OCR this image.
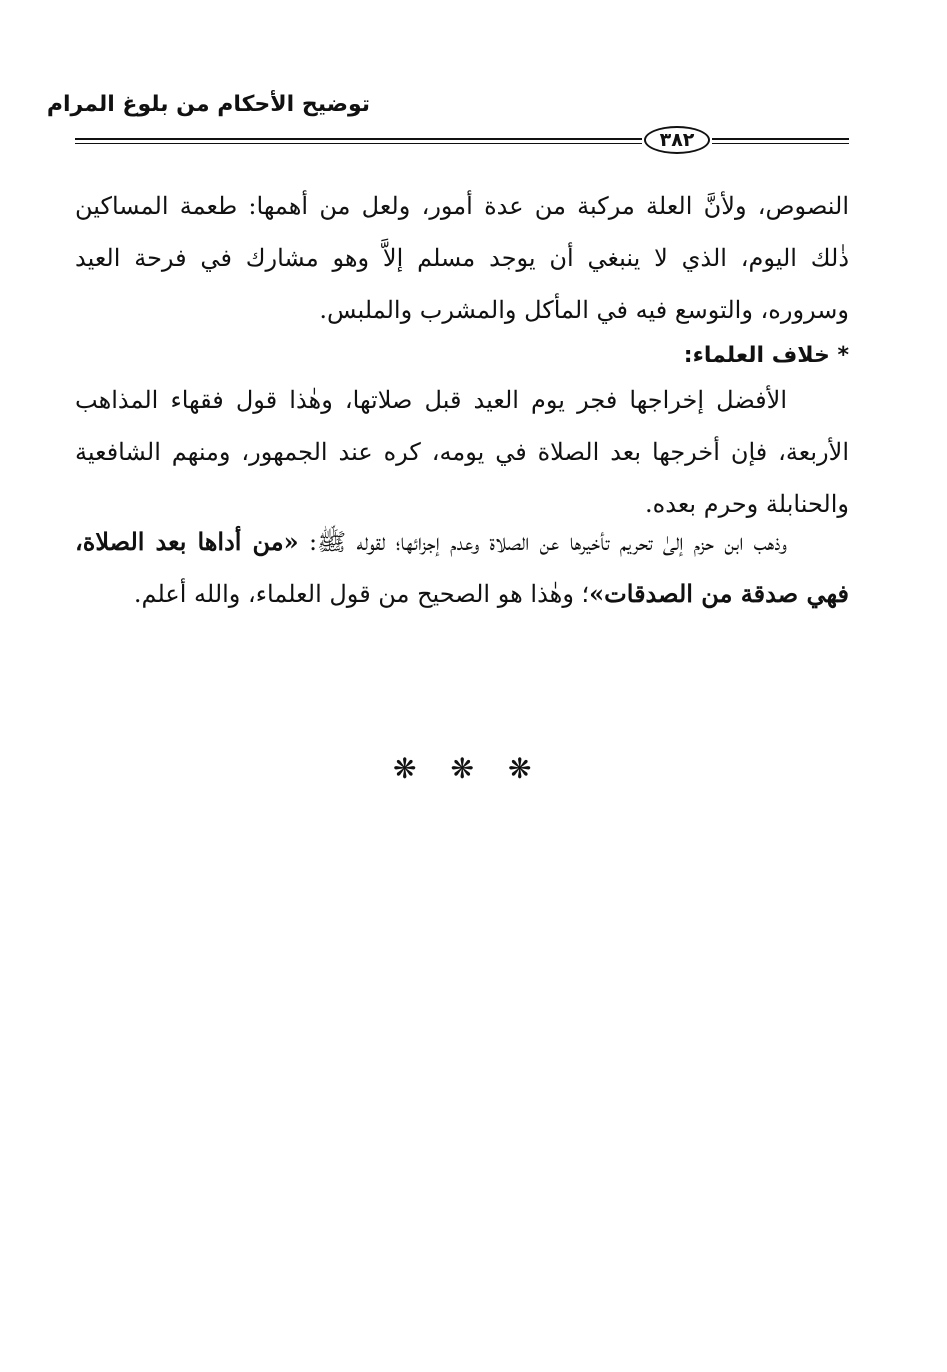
توضيح الأحكام من بلوغ المرام
٣٨٢

النصوص، ولأنَّ العلة مركبة من عدة أمور، ولعل من أهمها: طعمة المساكين ذٰلك اليوم، الذي لا ينبغي أن يوجد مسلم إلاَّ وهو مشارك في فرحة العيد وسروره، والتوسع فيه في المأكل والمشرب والملبس.

* خلاف العلماء:

الأفضل إخراجها فجر يوم العيد قبل صلاتها، وهٰذا قول فقهاء المذاهب الأربعة، فإن أخرجها بعد الصلاة في يومه، كره عند الجمهور، ومنهم الشافعية والحنابلة وحرم بعده.

وذهب ابن حزم إلىٰ تحريم تأخيرها عن الصلاة وعدم إجزائها؛ لقوله ﷺ: «من أداها بعد الصلاة، فهي صدقة من الصدقات»؛ وهٰذا هو الصحيح من قول العلماء، والله أعلم.

❋ ❋ ❋
